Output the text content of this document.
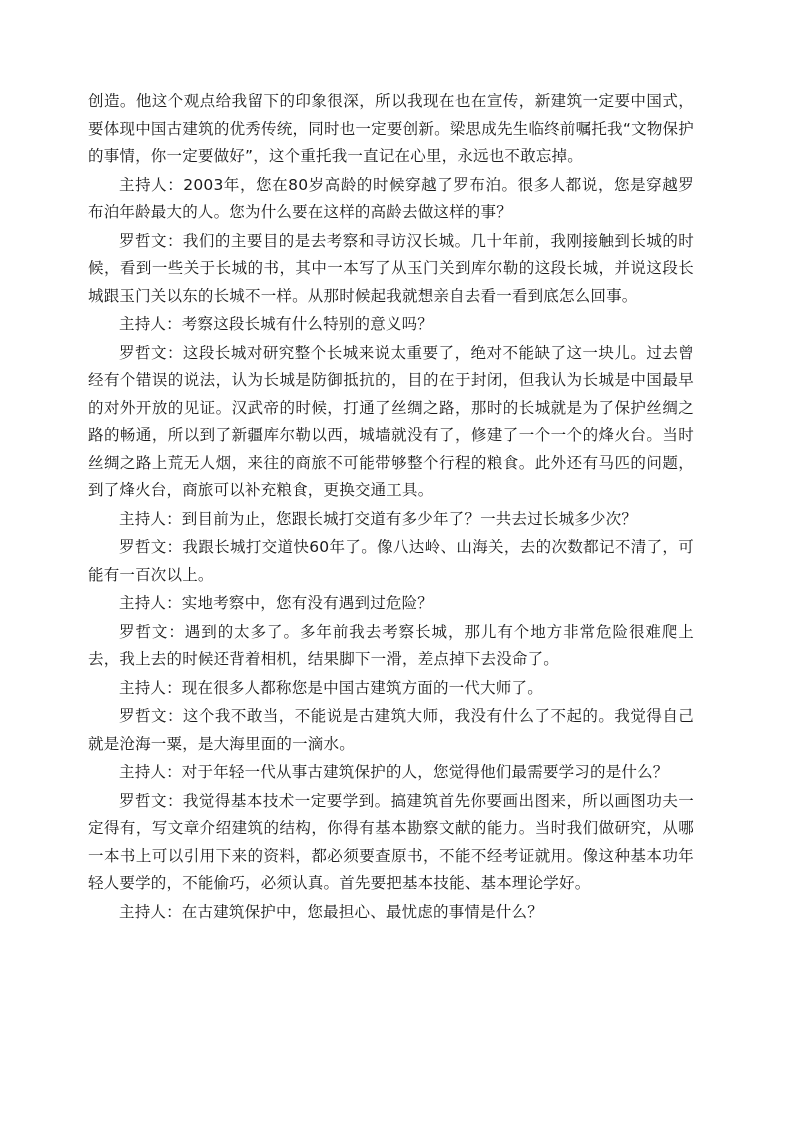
创造。他这个观点给我留下的印象很深，所以我现在也在宣传，新建筑一定要中国式，要体现中国古建筑的优秀传统，同时也一定要创新。梁思成先生临终前嘱托我“文物保护的事情，你一定要做好”，这个重托我一直记在心里，永远也不敢忘掉。

主持人：2003年，您在80岁高龄的时候穿越了罗布泊。很多人都说，您是穿越罗布泊年龄最大的人。您为什么要在这样的高龄去做这样的事？

罗哲文：我们的主要目的是去考察和寻访汉长城。几十年前，我刚接触到长城的时候，看到一些关于长城的书，其中一本写了从玉门关到库尔勒的这段长城，并说这段长城跟玉门关以东的长城不一样。从那时候起我就想亲自去看一看到底怎么回事。

主持人：考察这段长城有什么特别的意义吗？

罗哲文：这段长城对研究整个长城来说太重要了，绝对不能缺了这一块儿。过去曾经有个错误的说法，认为长城是防御抵抗的，目的在于封闭，但我认为长城是中国最早的对外开放的见证。汉武帝的时候，打通了丝绸之路，那时的长城就是为了保护丝绸之路的畅通，所以到了新疆库尔勒以西，城墙就没有了，修建了一个一个的烽火台。当时丝绸之路上荒无人烟，来往的商旅不可能带够整个行程的粮食。此外还有马匹的问题，到了烽火台，商旅可以补充粮食，更换交通工具。

主持人：到目前为止，您跟长城打交道有多少年了？一共去过长城多少次？

罗哲文：我跟长城打交道快60年了。像八达岭、山海关，去的次数都记不清了，可能有一百次以上。

主持人：实地考察中，您有没有遇到过危险？

罗哲文：遇到的太多了。多年前我去考察长城，那儿有个地方非常危险很难爬上去，我上去的时候还背着相机，结果脚下一滑，差点掉下去没命了。

主持人：现在很多人都称您是中国古建筑方面的一代大师了。

罗哲文：这个我不敢当，不能说是古建筑大师，我没有什么了不起的。我觉得自己就是沧海一粟，是大海里面的一滴水。

主持人：对于年轻一代从事古建筑保护的人，您觉得他们最需要学习的是什么？

罗哲文：我觉得基本技术一定要学到。搞建筑首先你要画出图来，所以画图功夫一定得有，写文章介绍建筑的结构，你得有基本勘察文献的能力。当时我们做研究，从哪一本书上可以引用下来的资料，都必须要查原书，不能不经考证就用。像这种基本功年轻人要学的，不能偷巧，必须认真。首先要把基本技能、基本理论学好。

主持人：在古建筑保护中，您最担心、最忧虑的事情是什么？
